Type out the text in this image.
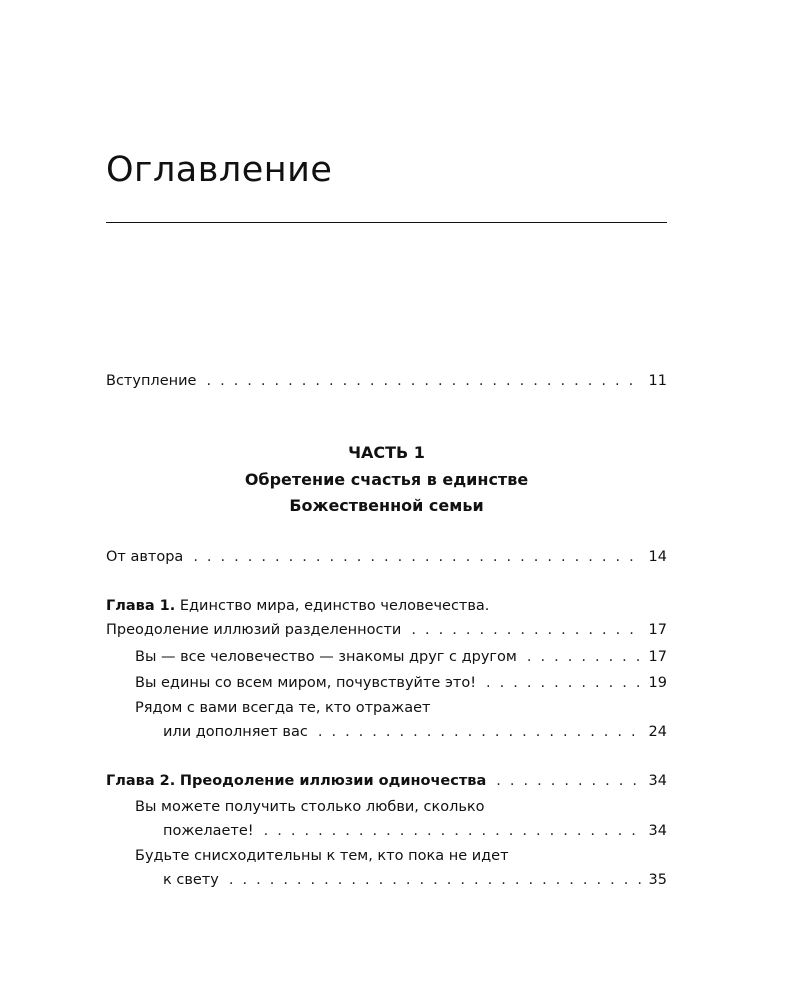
Оглавление
Вступление . . .	11
ЧАСТЬ 1
Обретение счастья в единстве
Божественной семьи
От автора . . .	14
Глава 1. Единство мира, единство человечества.
Преодоление иллюзий разделенности . . .	17
Вы — все человечество — знакомы друг с другом . . .	17
Вы едины со всем миром, почувствуйте это! . . .	19
Рядом с вами всегда те, кто отражает
или дополняет вас . . .	24
Глава 2. Преодоление иллюзии одиночества . . .	34
Вы можете получить столько любви, сколько
пожелаете! . . .	34
Будьте снисходительны к тем, кто пока не идет
к свету . . .	35
